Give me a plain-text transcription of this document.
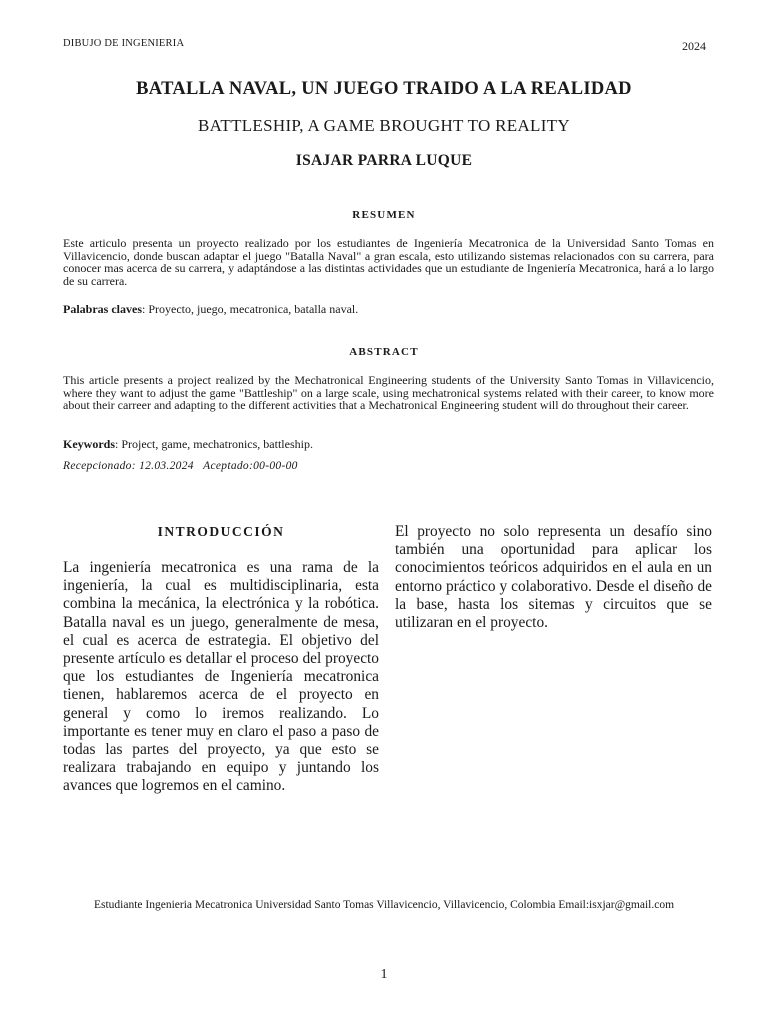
DIBUJO DE INGENIERIA	2024
BATALLA NAVAL, UN JUEGO TRAIDO A LA REALIDAD
BATTLESHIP, A GAME BROUGHT TO REALITY
ISAJAR PARRA LUQUE
RESUMEN
Este articulo presenta un proyecto realizado por los estudiantes de Ingeniería Mecatronica de la Universidad Santo Tomas en Villavicencio, donde buscan adaptar el juego "Batalla Naval" a gran escala, esto utilizando sistemas relacionados con su carrera, para conocer mas acerca de su carrera, y adaptándose a las distintas actividades que un estudiante de Ingeniería Mecatronica, hará a lo largo de su carrera.
Palabras claves: Proyecto, juego, mecatronica, batalla naval.
ABSTRACT
This article presents a project realized by the Mechatronical Engineering students of the University Santo Tomas in Villavicencio, where they want to adjust the game "Battleship" on a large scale, using mechatronical systems related with their career, to know more about their carreer and adapting to the different activities that a Mechatronical Engineering student will do throughout their career.
Keywords: Project, game, mechatronics, battleship.
Recepcionado: 12.03.2024 Aceptado:00-00-00
INTRODUCCIÓN
La ingeniería mecatronica es una rama de la ingeniería, la cual es multidisciplinaria, esta combina la mecánica, la electrónica y la robótica. Batalla naval es un juego, generalmente de mesa, el cual es acerca de estrategia. El objetivo del presente artículo es detallar el proceso del proyecto que los estudiantes de Ingeniería mecatronica tienen, hablaremos acerca de el proyecto en general y como lo iremos realizando. Lo importante es tener muy en claro el paso a paso de todas las partes del proyecto, ya que esto se realizara trabajando en equipo y juntando los avances que logremos en el camino.
El proyecto no solo representa un desafío sino también una oportunidad para aplicar los conocimientos teóricos adquiridos en el aula en un entorno práctico y colaborativo. Desde el diseño de la base, hasta los sitemas y circuitos que se utilizaran en el proyecto.
Estudiante Ingenieria Mecatronica Universidad Santo Tomas Villavicencio, Villavicencio, Colombia Email:isxjar@gmail.com
1
